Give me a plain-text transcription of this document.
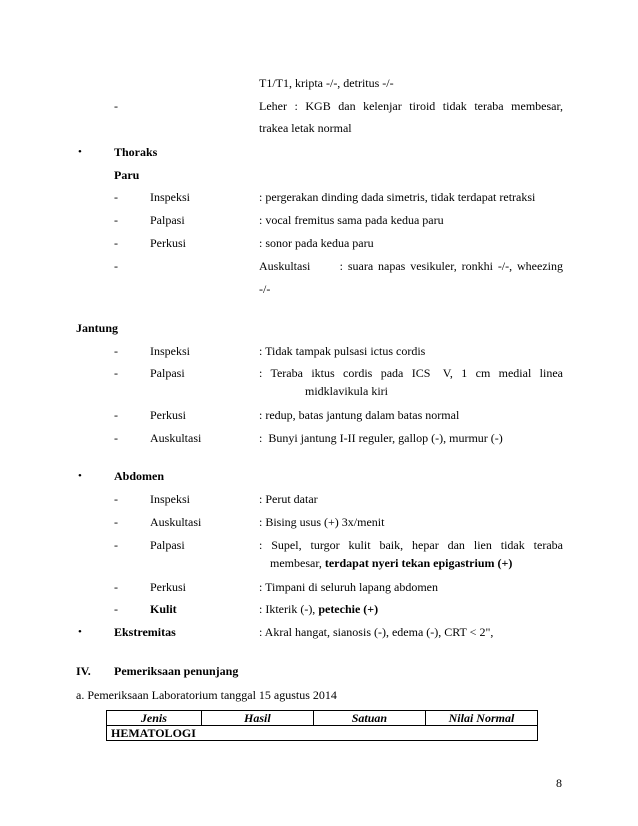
T1/T1, kripta -/-, detritus -/-
-	Leher : KGB dan kelenjar tiroid tidak teraba membesar,
trakea letak normal
•	Thoraks
Paru
-	Inspeksi	: pergerakan dinding dada simetris, tidak terdapat retraksi
-	Palpasi	: vocal fremitus sama pada kedua paru
-	Perkusi	: sonor pada kedua paru
-	Auskultasi      : suara napas vesikuler, ronkhi -/-, wheezing
-/-
Jantung
-	Inspeksi	: Tidak tampak pulsasi ictus cordis
-	Palpasi	:  Teraba  iktus  cordis  pada  ICS   V,  1  cm  medial  linea
midklavikula kiri
-	Perkusi	: redup, batas jantung dalam batas normal
-	Auskultasi	:  Bunyi jantung I-II reguler, gallop (-), murmur (-)
•	Abdomen
-	Inspeksi	: Perut datar
-	Auskultasi	: Bising usus (+) 3x/menit
-	Palpasi	:  Supel,  turgor  kulit  baik,  hepar  dan  lien  tidak  teraba
membesar, terdapat nyeri tekan epigastrium (+)
-	Perkusi	: Timpani di seluruh lapang abdomen
-	Kulit	: Ikterik (-), petechie (+)
•	Ekstremitas	: Akral hangat, sianosis (-), edema (-), CRT < 2",
IV. Pemeriksaan penunjang
a. Pemeriksaan Laboratorium tanggal 15 agustus 2014
Jenis	Hasil	Satuan	Nilai Normal
HEMATOLOGI
8
